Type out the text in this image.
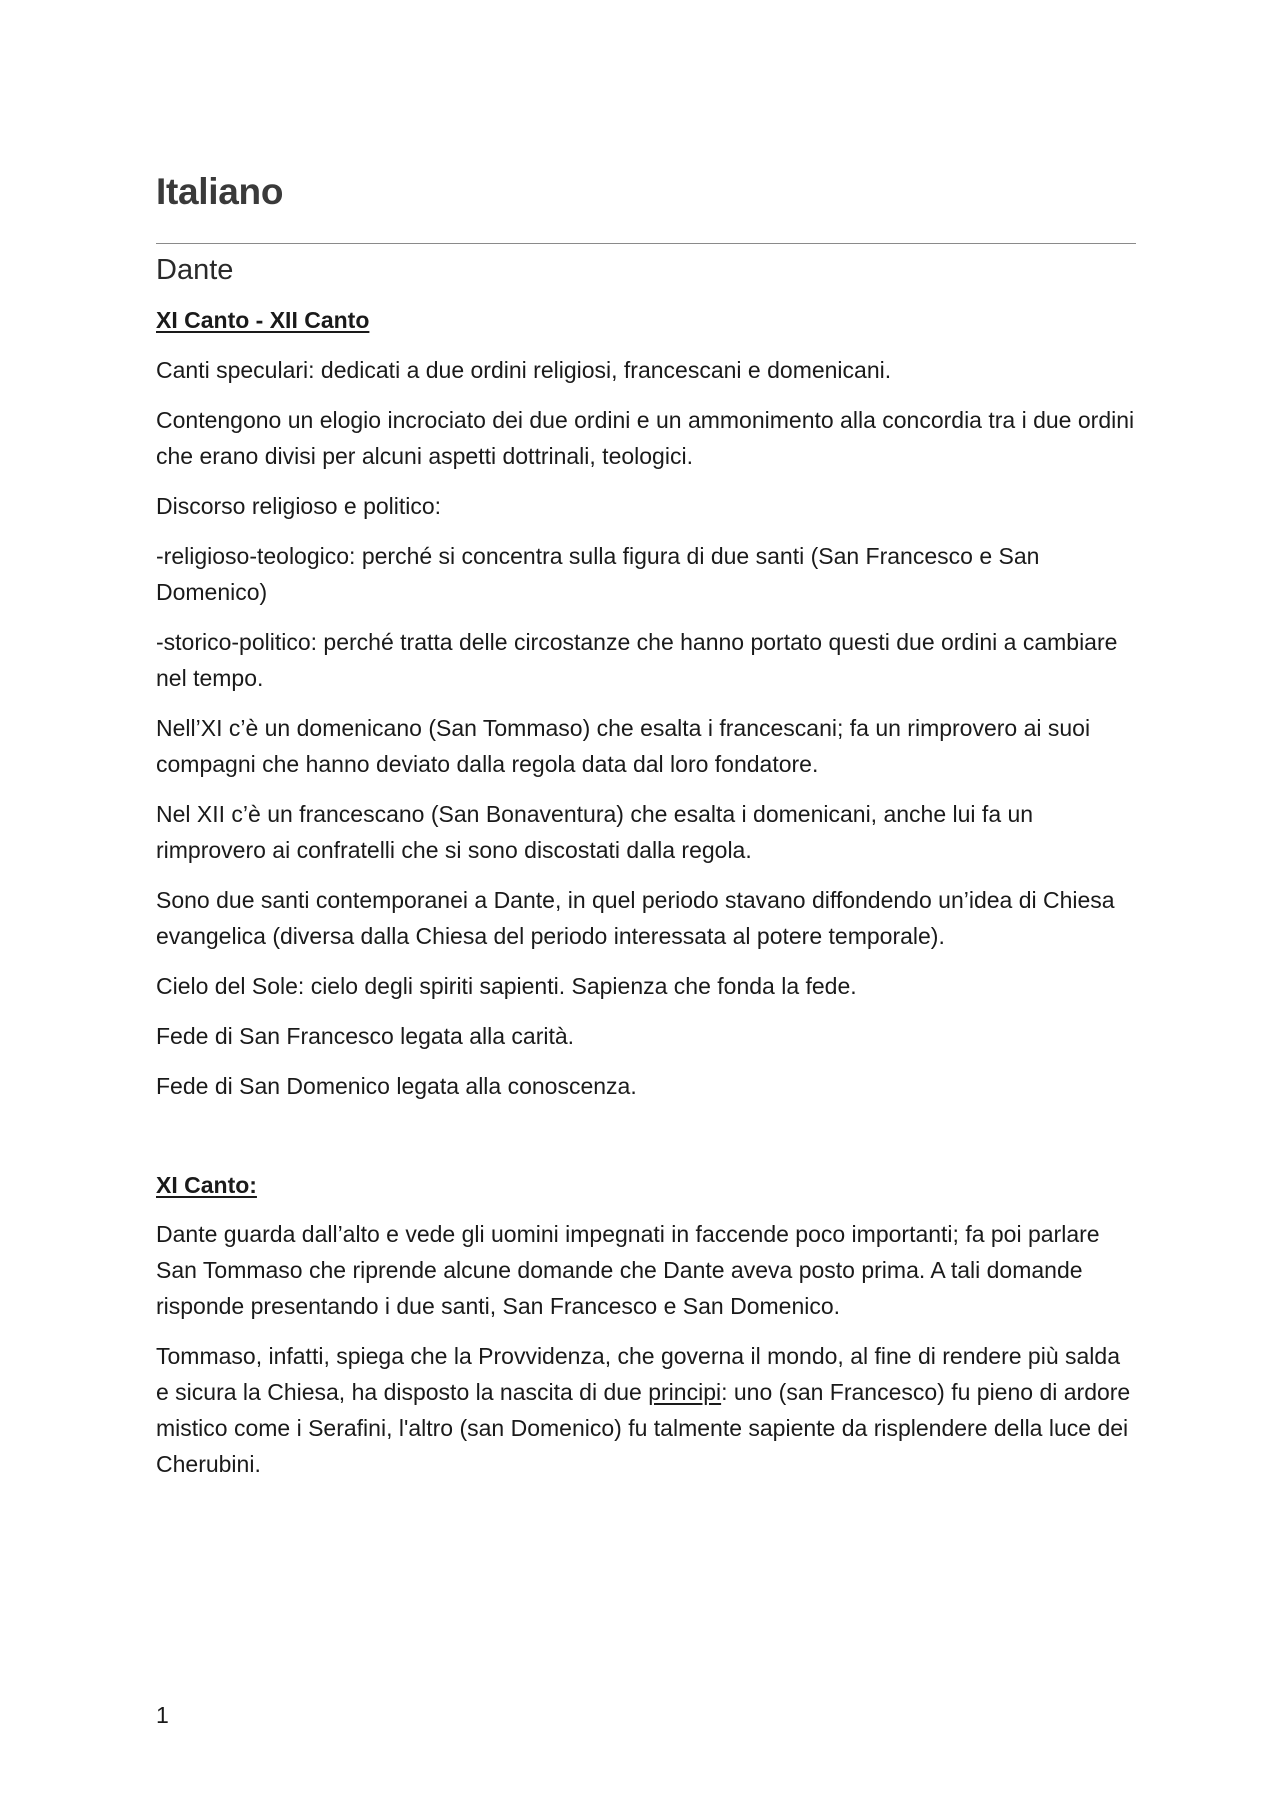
Italiano
Dante
XI Canto - XII Canto

Canti speculari: dedicati a due ordini religiosi, francescani e domenicani.

Contengono un elogio incrociato dei due ordini e un ammonimento alla concordia tra i due ordini che erano divisi per alcuni aspetti dottrinali, teologici.

Discorso religioso e politico:

-religioso-teologico: perché si concentra sulla figura di due santi (San Francesco e San Domenico)

-storico-politico: perché tratta delle circostanze che hanno portato questi due ordini a cambiare nel tempo.

Nell’XI c’è un domenicano (San Tommaso) che esalta i francescani; fa un rimprovero ai suoi compagni che hanno deviato dalla regola data dal loro fondatore.

Nel XII c’è un francescano (San Bonaventura) che esalta i domenicani, anche lui fa un rimprovero ai confratelli che si sono discostati dalla regola.

Sono due santi contemporanei a Dante, in quel periodo stavano diffondendo un’idea di Chiesa evangelica (diversa dalla Chiesa del periodo interessata al potere temporale).

Cielo del Sole: cielo degli spiriti sapienti. Sapienza che fonda la fede.

Fede di San Francesco legata alla carità.

Fede di San Domenico legata alla conoscenza.

XI Canto:

Dante guarda dall’alto e vede gli uomini impegnati in faccende poco importanti; fa poi parlare San Tommaso che riprende alcune domande che Dante aveva posto prima. A tali domande risponde presentando i due santi, San Francesco e San Domenico.

Tommaso, infatti, spiega che la Provvidenza, che governa il mondo, al fine di rendere più salda e sicura la Chiesa, ha disposto la nascita di due principi: uno (san Francesco) fu pieno di ardore mistico come i Serafini, l'altro (san Domenico) fu talmente sapiente da risplendere della luce dei Cherubini.

1
